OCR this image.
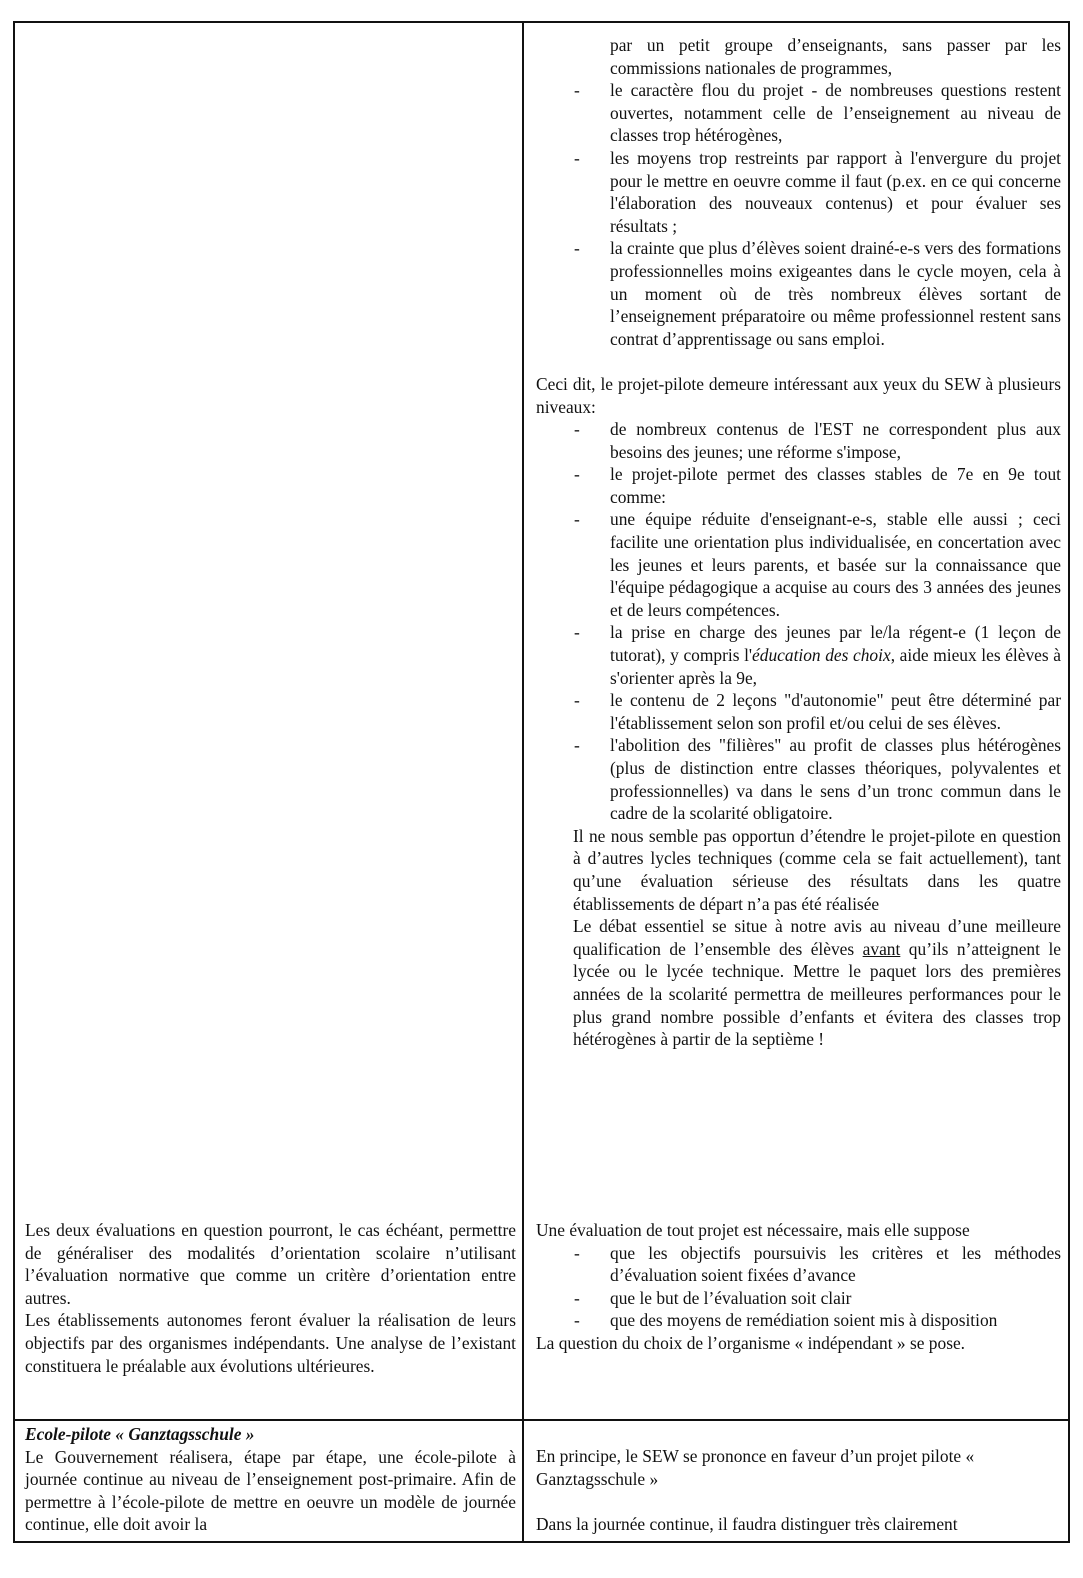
par un petit groupe d’enseignants, sans passer par les commissions nationales de programmes,

- le caractère flou du projet - de nombreuses questions restent ouvertes, notamment celle de l’enseignement au niveau de classes trop hétérogènes,
- les moyens trop restreints par rapport à l'envergure du projet pour le mettre en oeuvre comme il faut (p.ex. en ce qui concerne l'élaboration des nouveaux contenus) et pour évaluer ses résultats ;
- la crainte que plus d’élèves soient drainé-e-s vers des formations professionnelles moins exigeantes dans le cycle moyen, cela à un moment où de très nombreux élèves sortant de l’enseignement préparatoire ou même professionnel restent sans contrat d’apprentissage ou sans emploi.

Ceci dit, le projet-pilote demeure intéressant aux yeux du SEW à plusieurs niveaux:

- de nombreux contenus de l'EST ne correspondent plus aux besoins des jeunes; une réforme s'impose,
- le projet-pilote permet des classes stables de 7e en 9e tout comme:
- une équipe réduite d'enseignant-e-s, stable elle aussi ; ceci facilite une orientation plus individualisée, en concertation avec les jeunes et leurs parents, et basée sur la connaissance que l'équipe pédagogique a acquise au cours des 3 années des jeunes et de leurs compétences.
- la prise en charge des jeunes par le/la régent-e (1 leçon de tutorat), y compris l'éducation des choix, aide mieux les élèves à s'orienter après la 9e,
- le contenu de 2 leçons "d'autonomie" peut être déterminé par l'établissement selon son profil et/ou celui de ses élèves.
- l'abolition des "filières" au profit de classes plus hétérogènes (plus de distinction entre classes théoriques, polyvalentes et professionnelles) va dans le sens d’un tronc commun dans le cadre de la scolarité obligatoire.

Il ne nous semble pas opportun d’étendre le projet-pilote en question à d’autres lycles techniques (comme cela se fait actuellement), tant qu’une évaluation sérieuse des résultats dans les quatre établissements de départ n’a pas été réalisée

Le débat essentiel se situe à notre avis au niveau d’une meilleure qualification de l’ensemble des élèves avant qu’ils n’atteignent le lycée ou le lycée technique. Mettre le paquet lors des premières années de la scolarité permettra de meilleures performances pour le plus grand nombre possible d’enfants et évitera des classes trop hétérogènes à partir de la septième !

Les deux évaluations en question pourront, le cas échéant, permettre de généraliser des modalités d’orientation scolaire n’utilisant l’évaluation normative que comme un critère d’orientation entre autres.

Les établissements autonomes feront évaluer la réalisation de leurs objectifs par des organismes indépendants. Une analyse de l’existant constituera le préalable aux évolutions ultérieures.

Une évaluation de tout projet est nécessaire, mais elle suppose

- que les objectifs poursuivis les critères et les méthodes d’évaluation soient fixées d’avance
- que le but de l’évaluation soit clair
- que des moyens de remédiation soient mis à disposition

La question du choix de l’organisme « indépendant » se pose.

Ecole-pilote « Ganztagsschule »

Le Gouvernement réalisera, étape par étape, une école-pilote à journée continue au niveau de l’enseignement post-primaire. Afin de permettre à l’école-pilote de mettre en oeuvre un modèle de journée continue, elle doit avoir la

En principe, le SEW se prononce en faveur d’un projet pilote « Ganztagsschule »

Dans la journée continue, il faudra distinguer très clairement
